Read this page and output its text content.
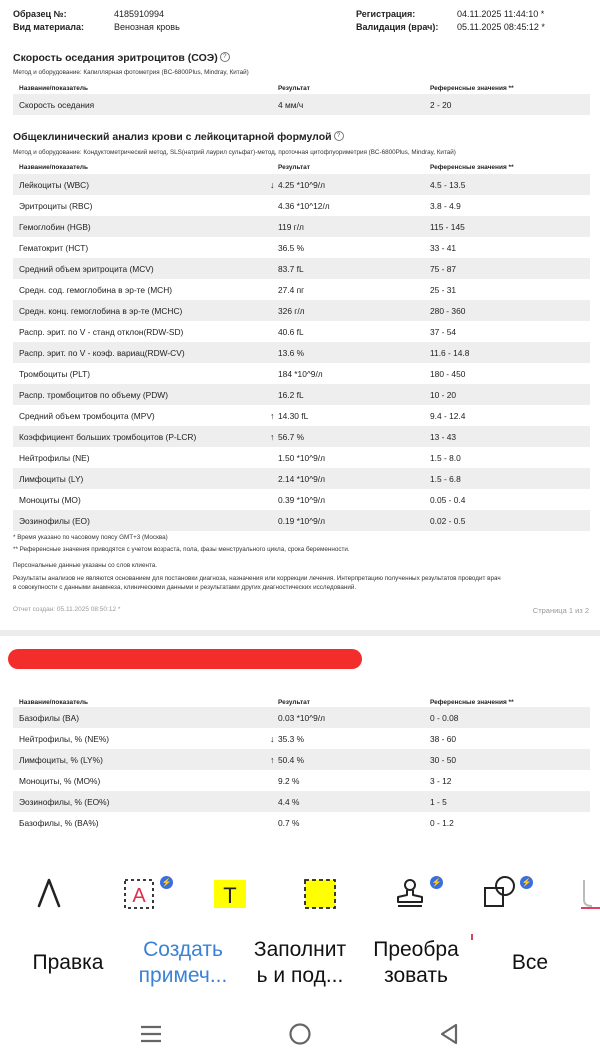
Образец №:	4185910994	Регистрация:	04.11.2025 11:44:10 *
Вид материала:	Венозная кровь	Валидация (врач): 05.11.2025 08:45:12 *
Скорость оседания эритроцитов (СОЭ) ?
Метод и оборудование: Капиллярная фотометрия (BC-6800Plus, Mindray, Китай)
Название/показатель	Результат	Референсные значения **
Скорость оседания	4 мм/ч	2 - 20
Общеклинический анализ крови с лейкоцитарной формулой ?
Метод и оборудование: Кондуктометрический метод, SLS(натрий лаурил сульфат)-метод, проточная цитофлуориметрия (BC-6800Plus, Mindray, Китай)
Название/показатель	Результат	Референсные значения **
Лейкоциты (WBC)	↓ 4.25 *10^9/л	4.5 - 13.5
Эритроциты (RBC)	4.36 *10^12/л	3.8 - 4.9
Гемоглобин (HGB)	119 г/л	115 - 145
Гематокрит (HCT)	36.5 %	33 - 41
Средний объем эритроцита (MCV)	83.7 fL	75 - 87
Средн. сод. гемоглобина в эр-те (MCH)	27.4 пг	25 - 31
Средн. конц. гемоглобина в эр-те (MCHC)	326 г/л	280 - 360
Распр. эрит. по V - станд отклон(RDW-SD)	40.6 fL	37 - 54
Распр. эрит. по V - коэф. вариац(RDW-CV)	13.6 %	11.6 - 14.8
Тромбоциты (PLT)	184 *10^9/л	180 - 450
Распр. тромбоцитов по объему (PDW)	16.2 fL	10 - 20
Средний объем тромбоцита (MPV)	↑ 14.30 fL	9.4 - 12.4
Коэффициент больших тромбоцитов (P-LCR)	↑ 56.7 %	13 - 43
Нейтрофилы (NE)	1.50 *10^9/л	1.5 - 8.0
Лимфоциты (LY)	2.14 *10^9/л	1.5 - 6.8
Моноциты (MO)	0.39 *10^9/л	0.05 - 0.4
Эозинофилы (EO)	0.19 *10^9/л	0.02 - 0.5
* Время указано по часовому поясу GMT+3 (Москва)
** Референсные значения приводятся с учетом возраста, пола, фазы менструального цикла, срока беременности.
Персональные данные указаны со слов клиента.
Результаты анализов не являются основанием для постановки диагноза, назначения или коррекции лечения. Интерпретацию полученных результатов проводит врач
в совокупности с данными анамнеза, клиническими данными и результатами других диагностических исследований.
Отчет создан: 05.11.2025 08:50:12 *	Страница 1 из 2
Название/показатель	Результат	Референсные значения **
Базофилы (BA)	0.03 *10^9/л	0 - 0.08
Нейтрофилы, % (NE%)	↓ 35.3 %	38 - 60
Лимфоциты, % (LY%)	↑ 50.4 %	30 - 50
Моноциты, % (MO%)	9.2 %	3 - 12
Эозинофилы, % (EO%)	4.4 %	1 - 5
Базофилы, % (BA%)	0.7 %	0 - 1.2
A
⚡
T
⚡	⚡
Правка
Создать
примеч...
Заполнит
ь и под...
Преобра
зовать
Все
